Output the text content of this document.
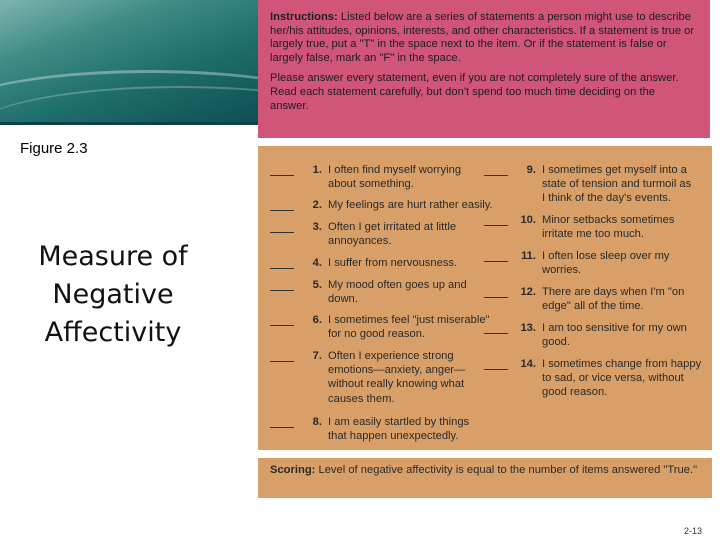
Figure 2.3
Measure of
Negative
Affectivity

Instructions: Listed below are a series of statements a person might use to describe her/his attitudes, opinions, interests, and other characteristics. If a statement is true or largely true, put a "T" in the space next to the item. Or if the statement is false or largely false, mark an "F" in the space.

Please answer every statement, even if you are not completely sure of the answer. Read each statement carefully, but don't spend too much time deciding on the answer.

1. I often find myself worrying
about something.
2. My feelings are hurt rather easily.
3. Often I get irritated at little
annoyances.
4. I suffer from nervousness.
5. My mood often goes up and
down.
6. I sometimes feel "just miserable"
for no good reason.
7. Often I experience strong
emotions—anxiety, anger—
without really knowing what
causes them.
8. I am easily startled by things
that happen unexpectedly.
9. I sometimes get myself into a
state of tension and turmoil as
I think of the day's events.
10. Minor setbacks sometimes
irritate me too much.
11. I often lose sleep over my
worries.
12. There are days when I'm "on
edge" all of the time.
13. I am too sensitive for my own
good.
14. I sometimes change from happy
to sad, or vice versa, without
good reason.
Scoring: Level of negative affectivity is equal to the number of items answered "True."
2-13
